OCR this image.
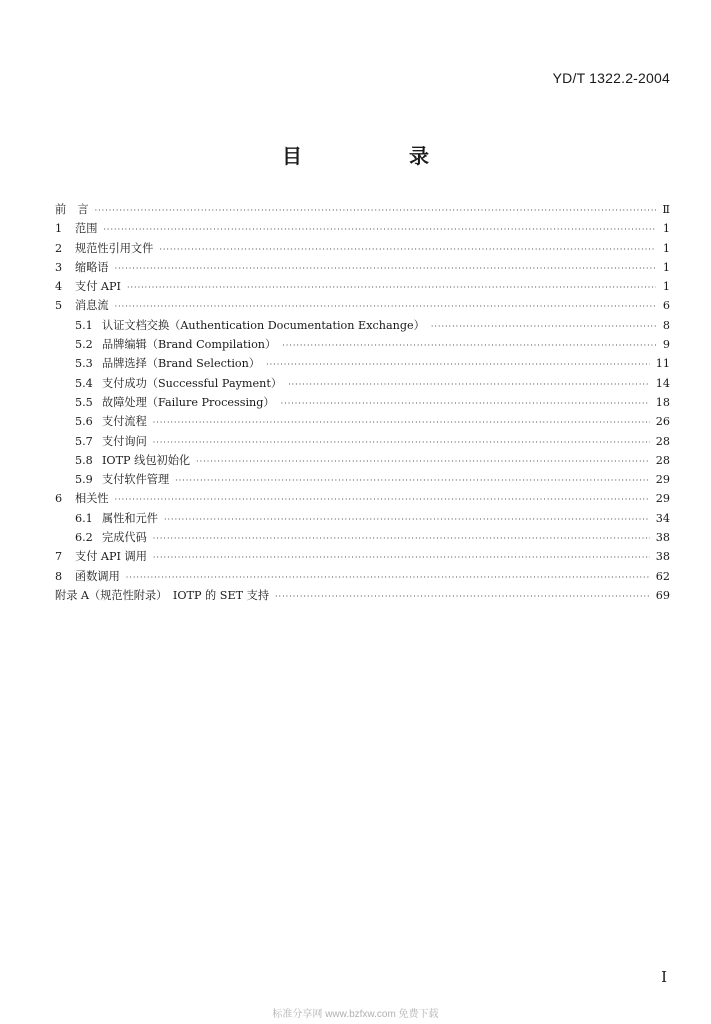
YD/T 1322.2-2004
目 录
前　言 ·····	Ⅱ
1	范围 ·····	1
2	规范性引用文件 ·····	1
3	缩略语 ·····	1
4	支付 API ·····	1
5	消息流 ·····	6
5.1 认证文档交换（Authentication Documentation Exchange） ·····	8
5.2 品牌编辑（Brand Compilation） ·····	9
5.3 品牌选择（Brand Selection） ·····	11
5.4 支付成功（Successful Payment） ·····	14
5.5 故障处理（Failure Processing） ·····	18
5.6 支付流程 ·····	26
5.7 支付询问 ·····	28
5.8 IOTP 线包初始化 ·····	28
5.9 支付软件管理 ·····	29
6	相关性 ·····	29
6.1 属性和元件 ·····	34
6.2 完成代码 ·····	38
7	支付 API 调用 ·····	38
8	函数调用 ·····	62
附录 A（规范性附录）　IOTP 的 SET 支持 ·····	69
I
标准分享网 www.bzfxw.com 免费下载
